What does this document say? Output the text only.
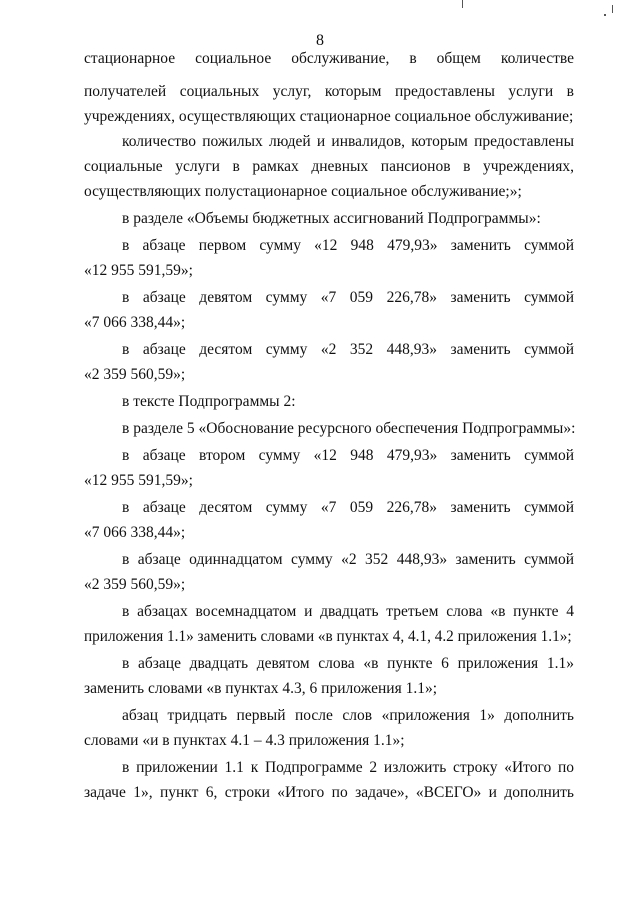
8
стационарное социальное обслуживание, в общем количестве
получателей социальных услуг, которым предоставлены услуги в
учреждениях, осуществляющих стационарное социальное обслуживание;
количество пожилых людей и инвалидов, которым предоставлены
социальные услуги в рамках дневных пансионов в учреждениях,
осуществляющих полустационарное социальное обслуживание;»;
в разделе «Объемы бюджетных ассигнований Подпрограммы»:
в абзаце первом сумму «12 948 479,93» заменить суммой
«12 955 591,59»;
в абзаце девятом сумму «7 059 226,78» заменить суммой
«7 066 338,44»;
в абзаце десятом сумму «2 352 448,93» заменить суммой
«2 359 560,59»;
в тексте Подпрограммы 2:
в разделе 5 «Обоснование ресурсного обеспечения Подпрограммы»:
в абзаце втором сумму «12 948 479,93» заменить суммой
«12 955 591,59»;
в абзаце десятом сумму «7 059 226,78» заменить суммой
«7 066 338,44»;
в абзаце одиннадцатом сумму «2 352 448,93» заменить суммой
«2 359 560,59»;
в абзацах восемнадцатом и двадцать третьем слова «в пункте 4
приложения 1.1» заменить словами «в пунктах 4, 4.1, 4.2 приложения 1.1»;
в абзаце двадцать девятом слова «в пункте 6 приложения 1.1»
заменить словами «в пунктах 4.3, 6 приложения 1.1»;
абзац тридцать первый после слов «приложения 1» дополнить
словами «и в пунктах 4.1 – 4.3 приложения 1.1»;
в приложении 1.1 к Подпрограмме 2 изложить строку «Итого по
задаче 1», пункт 6, строки «Итого по задаче», «ВСЕГО» и дополнить
